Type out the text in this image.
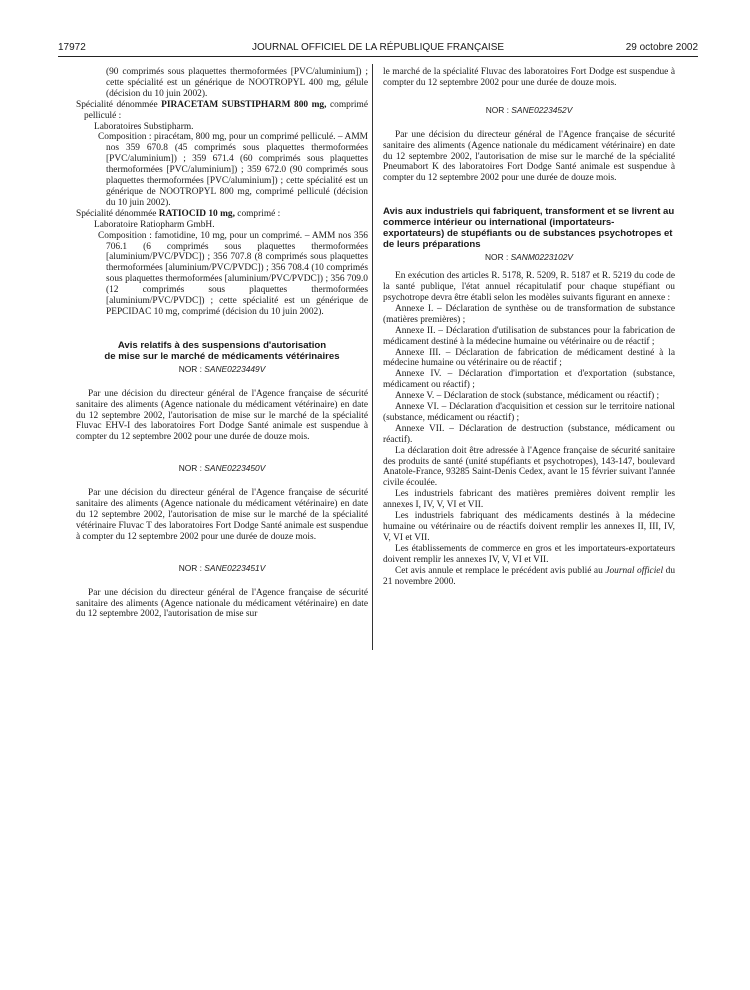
17972	JOURNAL OFFICIEL DE LA RÉPUBLIQUE FRANÇAISE	29 octobre 2002

(90 comprimés sous plaquettes thermoformées [PVC/aluminium]) ; cette spécialité est un générique de NOOTROPYL 400 mg, gélule (décision du 10 juin 2002).

Spécialité dénommée PIRACETAM SUBSTIPHARM 800 mg, comprimé pelliculé :

Laboratoires Substipharm.

Composition : piracétam, 800 mg, pour un comprimé pelliculé. – AMM nos 359 670.8 (45 comprimés sous plaquettes thermoformées [PVC/aluminium]) ; 359 671.4 (60 comprimés sous plaquettes thermoformées [PVC/aluminium]) ; 359 672.0 (90 comprimés sous plaquettes thermoformées [PVC/aluminium]) ; cette spécialité est un générique de NOOTROPYL 800 mg, comprimé pelliculé (décision du 10 juin 2002).

Spécialité dénommée RATIOCID 10 mg, comprimé :

Laboratoire Ratiopharm GmbH.

Composition : famotidine, 10 mg, pour un comprimé. – AMM nos 356 706.1 (6 comprimés sous plaquettes thermoformées [aluminium/PVC/PVDC]) ; 356 707.8 (8 comprimés sous plaquettes thermoformées [aluminium/PVC/PVDC]) ; 356 708.4 (10 comprimés sous plaquettes thermoformées [aluminium/PVC/PVDC]) ; 356 709.0 (12 comprimés sous plaquettes thermoformées [aluminium/PVC/PVDC]) ; cette spécialité est un générique de PEPCIDAC 10 mg, comprimé (décision du 10 juin 2002).

Avis relatifs à des suspensions d'autorisation
de mise sur le marché de médicaments vétérinaires

NOR : SANE0223449V

Par une décision du directeur général de l'Agence française de sécurité sanitaire des aliments (Agence nationale du médicament vétérinaire) en date du 12 septembre 2002, l'autorisation de mise sur le marché de la spécialité Fluvac EHV-I des laboratoires Fort Dodge Santé animale est suspendue à compter du 12 septembre 2002 pour une durée de douze mois.

NOR : SANE0223450V

Par une décision du directeur général de l'Agence française de sécurité sanitaire des aliments (Agence nationale du médicament vétérinaire) en date du 12 septembre 2002, l'autorisation de mise sur le marché de la spécialité vétérinaire Fluvac T des laboratoires Fort Dodge Santé animale est suspendue à compter du 12 septembre 2002 pour une durée de douze mois.

NOR : SANE0223451V

Par une décision du directeur général de l'Agence française de sécurité sanitaire des aliments (Agence nationale du médicament vétérinaire) en date du 12 septembre 2002, l'autorisation de mise sur

le marché de la spécialité Fluvac des laboratoires Fort Dodge est suspendue à compter du 12 septembre 2002 pour une durée de douze mois.

NOR : SANE0223452V

Par une décision du directeur général de l'Agence française de sécurité sanitaire des aliments (Agence nationale du médicament vétérinaire) en date du 12 septembre 2002, l'autorisation de mise sur le marché de la spécialité Pneumabort K des laboratoires Fort Dodge Santé animale est suspendue à compter du 12 septembre 2002 pour une durée de douze mois.

Avis aux industriels qui fabriquent, transforment et se livrent au commerce intérieur ou international (importateurs-exportateurs) de stupéfiants ou de substances psychotropes et de leurs préparations

NOR : SANM0223102V

En exécution des articles R. 5178, R. 5209, R. 5187 et R. 5219 du code de la santé publique, l'état annuel récapitulatif pour chaque stupéfiant ou psychotrope devra être établi selon les modèles suivants figurant en annexe :

Annexe I. – Déclaration de synthèse ou de transformation de substance (matières premières) ;

Annexe II. – Déclaration d'utilisation de substances pour la fabrication de médicament destiné à la médecine humaine ou vétérinaire ou de réactif ;

Annexe III. – Déclaration de fabrication de médicament destiné à la médecine humaine ou vétérinaire ou de réactif ;

Annexe IV. – Déclaration d'importation et d'exportation (substance, médicament ou réactif) ;

Annexe V. – Déclaration de stock (substance, médicament ou réactif) ;

Annexe VI. – Déclaration d'acquisition et cession sur le territoire national (substance, médicament ou réactif) ;

Annexe VII. – Déclaration de destruction (substance, médicament ou réactif).

La déclaration doit être adressée à l'Agence française de sécurité sanitaire des produits de santé (unité stupéfiants et psychotropes), 143-147, boulevard Anatole-France, 93285 Saint-Denis Cedex, avant le 15 février suivant l'année civile écoulée.

Les industriels fabricant des matières premières doivent remplir les annexes I, IV, V, VI et VII.

Les industriels fabriquant des médicaments destinés à la médecine humaine ou vétérinaire ou de réactifs doivent remplir les annexes II, III, IV, V, VI et VII.

Les établissements de commerce en gros et les importateurs-exportateurs doivent remplir les annexes IV, V, VI et VII.

Cet avis annule et remplace le précédent avis publié au Journal officiel du 21 novembre 2000.
